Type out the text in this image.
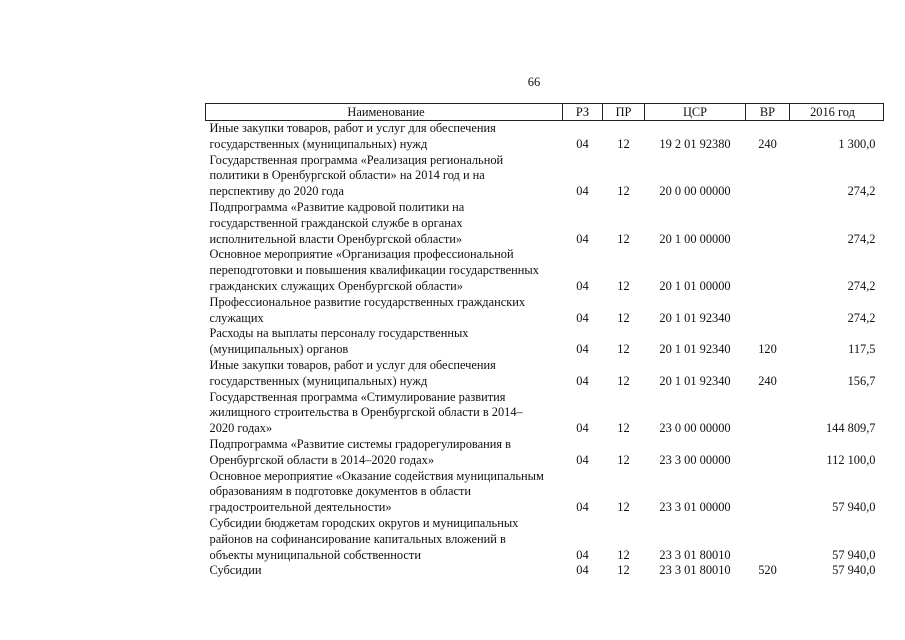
66
Наименование	РЗ	ПР	ЦСР	ВР	2016 год

Иные закупки товаров, работ и услуг для обеспечения
государственных (муниципальных) нужд	04	12	19 2 01 92380	240	1 300,0

Государственная программа «Реализация региональной
политики в Оренбургской области» на 2014 год и на
перспективу до 2020 года	04	12	20 0 00 00000		274,2

Подпрограмма «Развитие кадровой политики на
государственной гражданской службе в органах
исполнительной власти Оренбургской области»	04	12	20 1 00 00000		274,2

Основное мероприятие «Организация профессиональной
переподготовки и повышения квалификации государственных
гражданских служащих Оренбургской области»	04	12	20 1 01 00000		274,2

Профессиональное развитие государственных гражданских
служащих	04	12	20 1 01 92340		274,2

Расходы на выплаты персоналу государственных
(муниципальных) органов	04	12	20 1 01 92340	120	117,5

Иные закупки товаров, работ и услуг для обеспечения
государственных (муниципальных) нужд	04	12	20 1 01 92340	240	156,7

Государственная программа «Стимулирование развития
жилищного строительства в Оренбургской области в 2014–
2020 годах»	04	12	23 0 00 00000		144 809,7

Подпрограмма «Развитие системы градорегулирования в
Оренбургской области в 2014–2020 годах»	04	12	23 3 00 00000		112 100,0

Основное мероприятие «Оказание содействия муниципальным
образованиям в подготовке документов в области
градостроительной деятельности»	04	12	23 3 01 00000		57 940,0

Субсидии бюджетам городских округов и муниципальных
районов на софинансирование капитальных вложений в
объекты муниципальной собственности	04	12	23 3 01 80010		57 940,0

Субсидии	04	12	23 3 01 80010	520	57 940,0
